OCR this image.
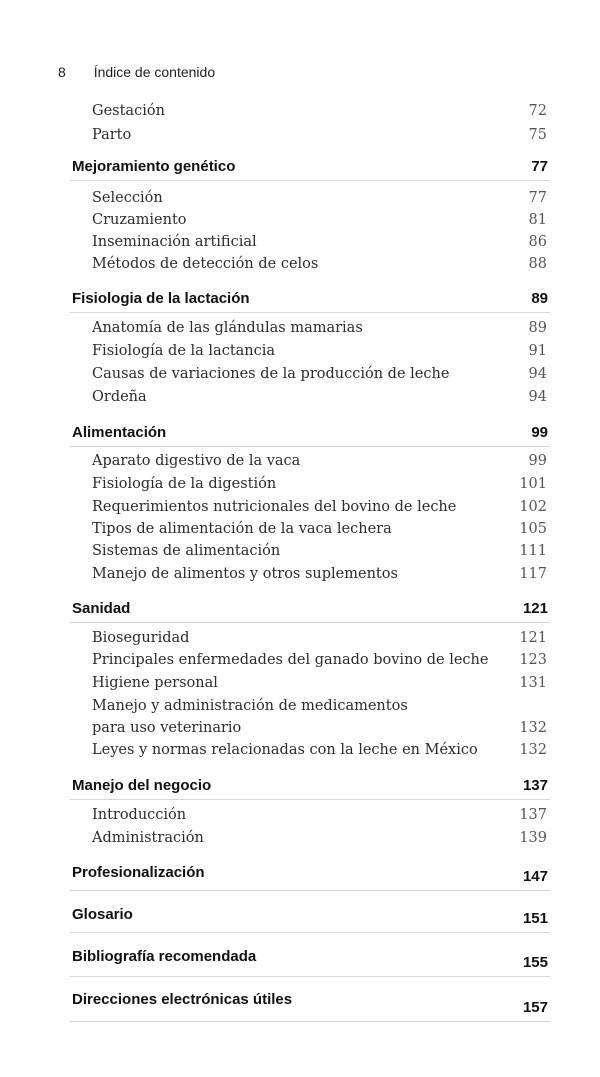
8 Índice de contenido
Gestación	72
Parto	75
Mejoramiento genético	77
Selección	77
Cruzamiento	81
Inseminación artificial	86
Métodos de detección de celos	88
Fisiologia de la lactación	89
Anatomía de las glándulas mamarias	89
Fisiología de la lactancia	91
Causas de variaciones de la producción de leche	94
Ordeña	94
Alimentación	99
Aparato digestivo de la vaca	99
Fisiología de la digestión	101
Requerimientos nutricionales del bovino de leche	102
Tipos de alimentación de la vaca lechera	105
Sistemas de alimentación	111
Manejo de alimentos y otros suplementos	117
Sanidad	121
Bioseguridad	121
Principales enfermedades del ganado bovino de leche 123
Higiene personal	131
Manejo y administración de medicamentos
para uso veterinario	132
Leyes y normas relacionadas con la leche en México	132
Manejo del negocio	137
Introducción	137
Administración	139
Profesionalización	147
Glosario	151
Bibliografía recomendada	155
Direcciones electrónicas útiles	157
